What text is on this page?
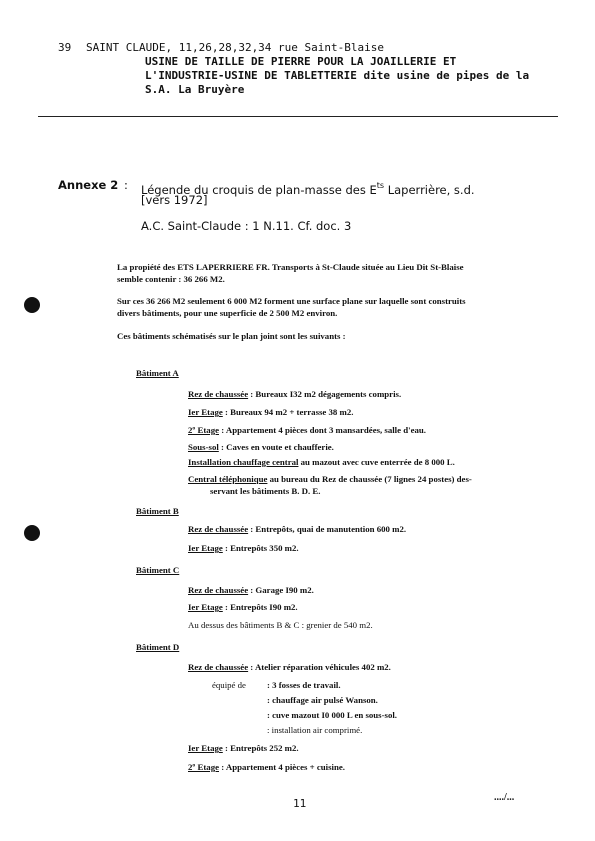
39 SAINT CLAUDE, 11,26,28,32,34 rue Saint-Blaise
USINE DE TAILLE DE PIERRE POUR LA JOAILLERIE ET
L'INDUSTRIE-USINE DE TABLETTERIE dite usine de pipes de la
S.A. La Bruyère
Annexe 2 : Légende du croquis de plan-masse des $E^{ts}$ Laperrière, s.d.
[vers 1972]
A.C. Saint-Claude : 1 N.11. Cf. doc. 3
La propiété des ETS LAPERRIERE FR. Transports à St-Claude située au Lieu Dit St-Blaise
semble contenir : 36 266 M2.
Sur ces 36 266 M2 seulement 6 000 M2 forment une surface plane sur laquelle sont construits
divers bâtiments, pour une superficie de 2 500 M2 environ.
Ces bâtiments schématisés sur le plan joint sont les suivants :
Bâtiment A
Rez de chaussée : Bureaux I32 m2 dégagements compris.
Ier Etage : Bureaux 94 m2 + terrasse 38 m2.
2º Etage : Appartement 4 pièces dont 3 mansardées, salle d'eau.
Sous-sol : Caves en voute et chaufferie.
Installation chauffage central au mazout avec cuve enterrée de 8 000 L.
Central téléphonique au bureau du Rez de chaussée (7 lignes 24 postes) des-
servant les bâtiments B. D. E.
Bâtiment B
Rez de chaussée : Entrepôts, quai de manutention 600 m2.
Ier Etage : Entrepôts 350 m2.
Bâtiment C
Rez de chaussée : Garage I90 m2.
Ier Etage : Entrepôts I90 m2.
Au dessus des bâtiments B & C : grenier de 540 m2.
Bâtiment D
Rez de chaussée : Atelier réparation véhicules 402 m2.
équipé de : 3 fosses de travail.
: chauffage air pulsé Wanson.
: cuve mazout I0 000 L en sous-sol.
: installation air comprimé.
Ier Etage : Entrepôts 252 m2.
2º Etage : Appartement 4 pièces + cuisine.
11	..../...
